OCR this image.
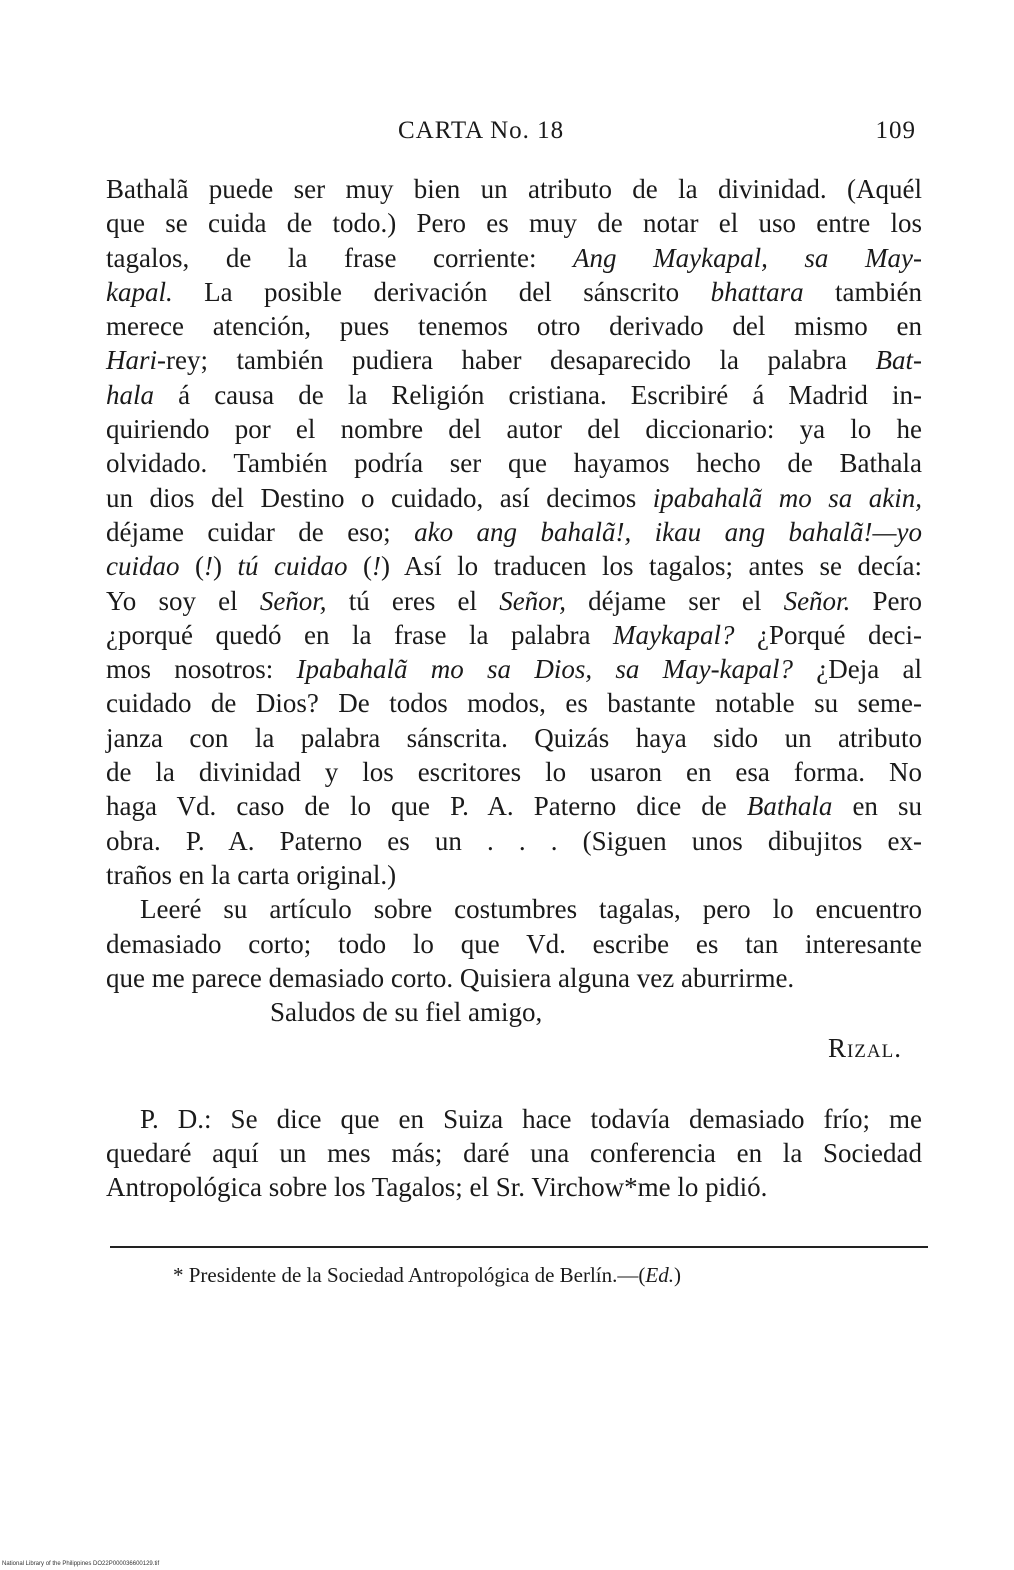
CARTA No. 18	109

Bathalã puede ser muy bien un atributo de la divinidad. (Aquél
que se cuida de todo.) Pero es muy de notar el uso entre los
tagalos, de la frase corriente: Ang Maykapal, sa May-
kapal. La posible derivación del sánscrito bhattara también
merece atención, pues tenemos otro derivado del mismo en
Hari-rey; también pudiera haber desaparecido la palabra Bat-
hala á causa de la Religión cristiana. Escribiré á Madrid in-
quiriendo por el nombre del autor del diccionario: ya lo he
olvidado. También podría ser que hayamos hecho de Bathala
un dios del Destino o cuidado, así decimos ipabahalã mo sa akin,
déjame cuidar de eso; ako ang bahalã!, ikau ang bahalã!—yo
cuidao (!) tú cuidao (!) Así lo traducen los tagalos; antes se decía:
Yo soy el Señor, tú eres el Señor, déjame ser el Señor. Pero
¿porqué quedó en la frase la palabra Maykapal? ¿Porqué deci-
mos nosotros: Ipabahalã mo sa Dios, sa May-kapal? ¿Deja al
cuidado de Dios? De todos modos, es bastante notable su seme-
janza con la palabra sánscrita. Quizás haya sido un atributo
de la divinidad y los escritores lo usaron en esa forma. No
haga Vd. caso de lo que P. A. Paterno dice de Bathala en su
obra. P. A. Paterno es un . . . (Siguen unos dibujitos ex-
traños en la carta original.)

Leeré su artículo sobre costumbres tagalas, pero lo encuentro
demasiado corto; todo lo que Vd. escribe es tan interesante
que me parece demasiado corto. Quisiera alguna vez aburrirme.

Saludos de su fiel amigo,
Rizal.

P. D.: Se dice que en Suiza hace todavía demasiado frío; me
quedaré aquí un mes más; daré una conferencia en la Sociedad
Antropológica sobre los Tagalos; el Sr. Virchow*me lo pidió.

* Presidente de la Sociedad Antropológica de Berlín.—(Ed.)
National Library of the Philippines DO22P000036600129.tif
